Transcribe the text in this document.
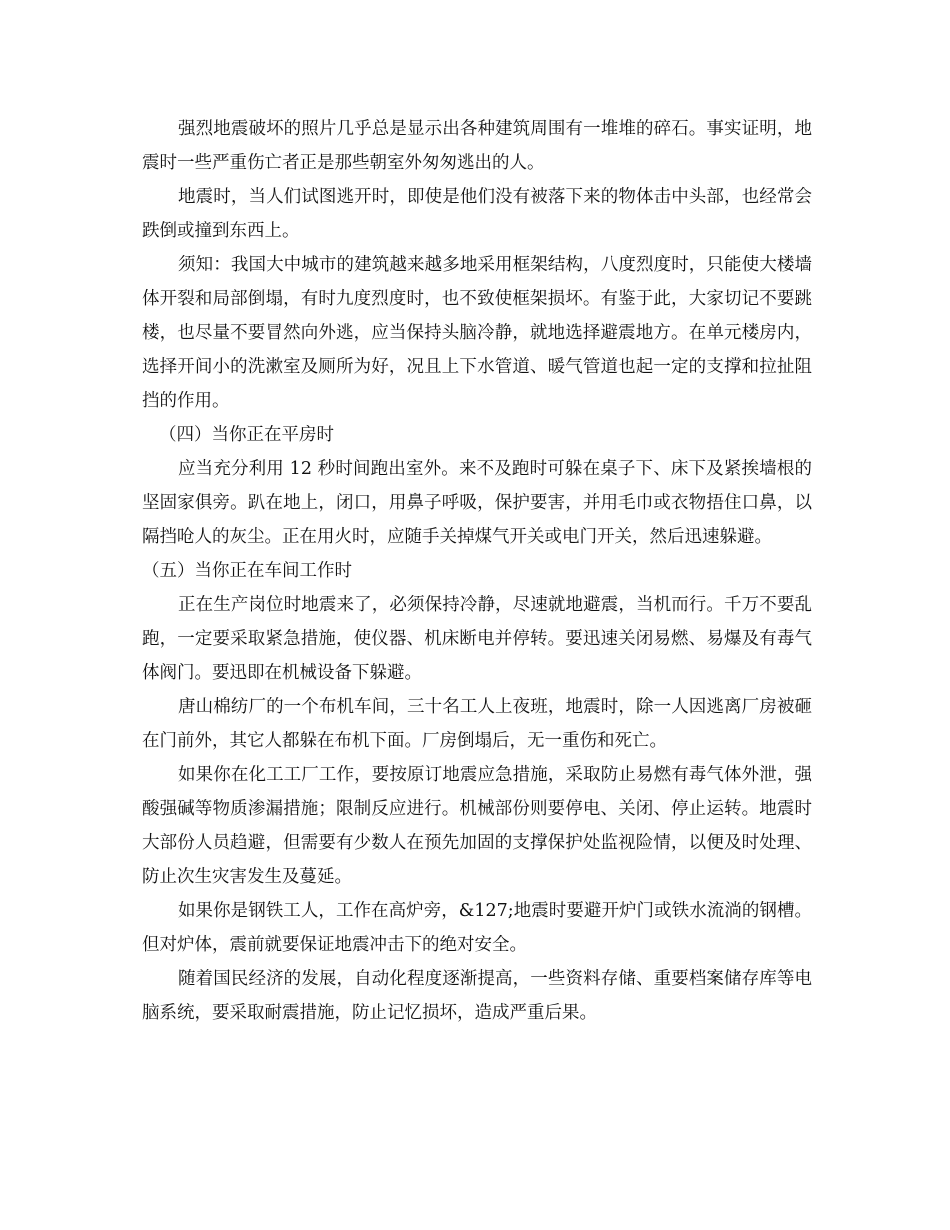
强烈地震破坏的照片几乎总是显示出各种建筑周围有一堆堆的碎石。事实证明，地震时一些严重伤亡者正是那些朝室外匆匆逃出的人。

地震时，当人们试图逃开时，即使是他们没有被落下来的物体击中头部，也经常会跌倒或撞到东西上。

须知：我国大中城市的建筑越来越多地采用框架结构，八度烈度时，只能使大楼墙体开裂和局部倒塌，有时九度烈度时，也不致使框架损坏。有鉴于此，大家切记不要跳楼，也尽量不要冒然向外逃，应当保持头脑冷静，就地选择避震地方。在单元楼房内，选择开间小的洗漱室及厕所为好，况且上下水管道、暖气管道也起一定的支撑和拉扯阻挡的作用。

（四）当你正在平房时

应当充分利用 12 秒时间跑出室外。来不及跑时可躲在桌子下、床下及紧挨墙根的坚固家俱旁。趴在地上，闭口，用鼻子呼吸，保护要害，并用毛巾或衣物捂住口鼻，以隔挡呛人的灰尘。正在用火时，应随手关掉煤气开关或电门开关，然后迅速躲避。

（五）当你正在车间工作时

正在生产岗位时地震来了，必须保持冷静，尽速就地避震，当机而行。千万不要乱跑，一定要采取紧急措施，使仪器、机床断电并停转。要迅速关闭易燃、易爆及有毒气体阀门。要迅即在机械设备下躲避。

唐山棉纺厂的一个布机车间，三十名工人上夜班，地震时，除一人因逃离厂房被砸在门前外，其它人都躲在布机下面。厂房倒塌后，无一重伤和死亡。

如果你在化工工厂工作，要按原订地震应急措施，采取防止易燃有毒气体外泄，强酸强碱等物质渗漏措施；限制反应进行。机械部份则要停电、关闭、停止运转。地震时大部份人员趋避，但需要有少数人在预先加固的支撑保护处监视险情，以便及时处理、防止次生灾害发生及蔓延。

如果你是钢铁工人，工作在高炉旁，&127;地震时要避开炉门或铁水流淌的钢槽。但对炉体，震前就要保证地震冲击下的绝对安全。

随着国民经济的发展，自动化程度逐渐提高，一些资料存储、重要档案储存库等电脑系统，要采取耐震措施，防止记忆损坏，造成严重后果。
